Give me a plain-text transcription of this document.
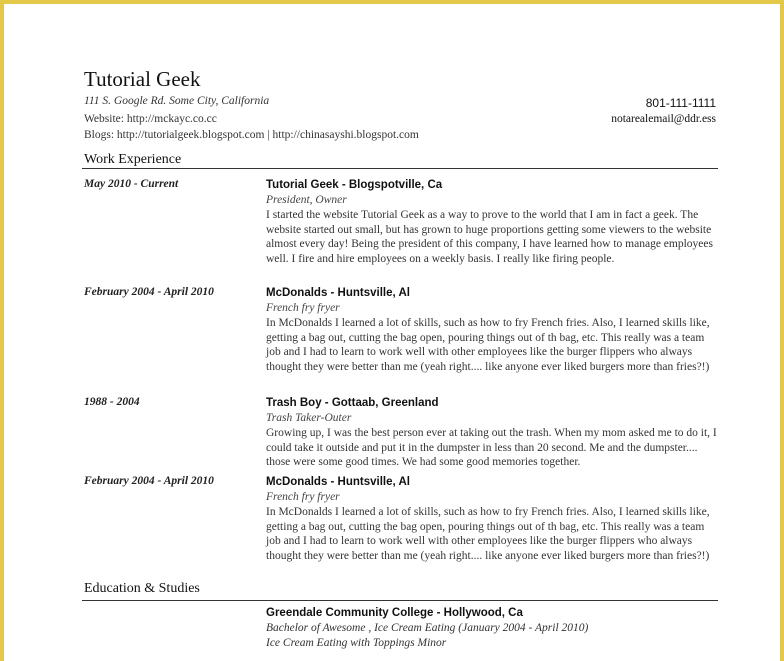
Tutorial Geek
111 S. Google Rd. Some City, California
Website: http://mckayc.co.cc
Blogs: http://tutorialgeek.blogspot.com | http://chinasayshi.blogspot.com
801-111-1111
notarealemail@ddr.ess
Work Experience
May 2010 - Current	Tutorial Geek - Blogspotville, Ca
President, Owner

I started the website Tutorial Geek as a way to prove to the world that I am in fact a geek. The website started out small, but has grown to huge proportions getting some viewers to the website almost every day! Being the president of this company, I have learned how to manage employees well. I fire and hire employees on a weekly basis. I really like firing people.

February 2004 - April 2010	McDonalds - Huntsville, Al
French fry fryer

In McDonalds I learned a lot of skills, such as how to fry French fries. Also, I learned skills like, getting a bag out, cutting the bag open, pouring things out of th bag, etc. This really was a team job and I had to learn to work well with other employees like the burger flippers who always thought they were better than me (yeah right.... like anyone ever liked burgers more than fries?!)

1988 - 2004	Trash Boy - Gottaab, Greenland
Trash Taker-Outer

Growing up, I was the best person ever at taking out the trash. When my mom asked me to do it, I could take it outside and put it in the dumpster in less than 20 second. Me and the dumpster.... those were some good times. We had some good memories together.

February 2004 - April 2010	McDonalds - Huntsville, Al
French fry fryer

In McDonalds I learned a lot of skills, such as how to fry French fries. Also, I learned skills like, getting a bag out, cutting the bag open, pouring things out of th bag, etc. This really was a team job and I had to learn to work well with other employees like the burger flippers who always thought they were better than me (yeah right.... like anyone ever liked burgers more than fries?!)

Education & Studies
Greendale Community College - Hollywood, Ca
Bachelor of Awesome , Ice Cream Eating (January 2004 - April 2010)
Ice Cream Eating with Toppings Minor
